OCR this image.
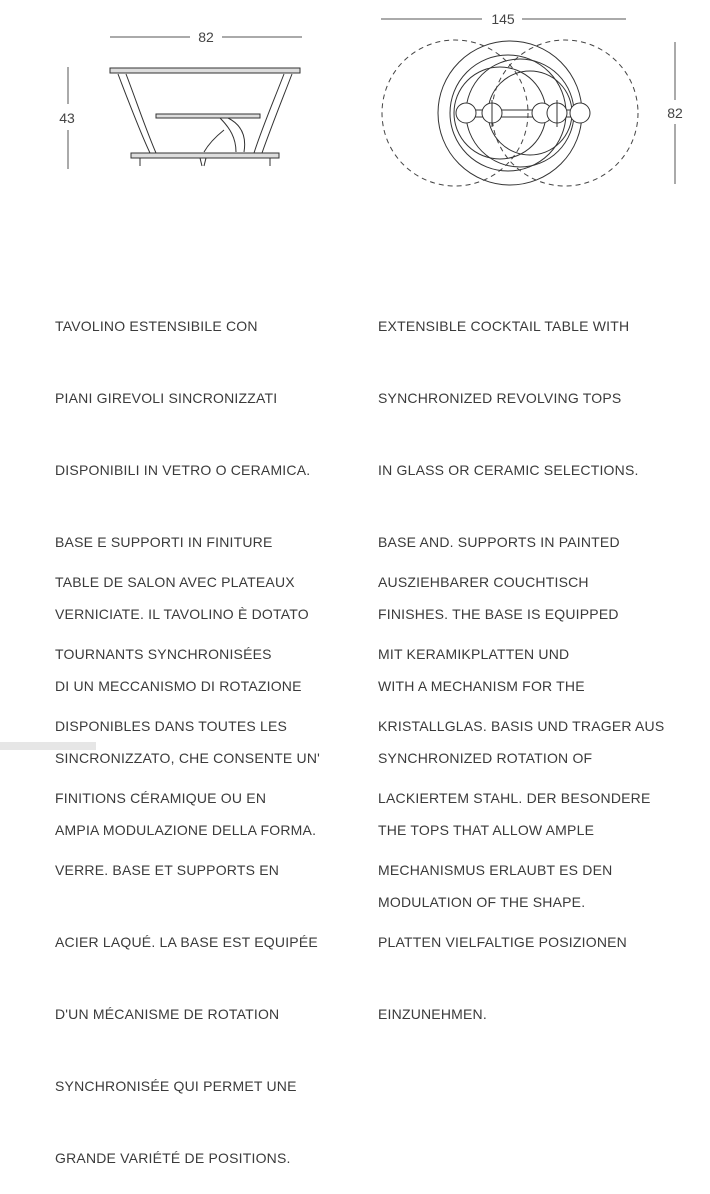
82
43
145
82

TAVOLINO ESTENSIBILE CON

PIANI GIREVOLI SINCRONIZZATI

DISPONIBILI IN VETRO O CERAMICA.

BASE E SUPPORTI IN FINITURE

VERNICIATE. IL TAVOLINO È DOTATO

DI UN MECCANISMO DI ROTAZIONE

SINCRONIZZATO, CHE CONSENTE UN'

AMPIA MODULAZIONE DELLA FORMA.

EXTENSIBLE COCKTAIL TABLE WITH

SYNCHRONIZED REVOLVING TOPS

IN GLASS OR CERAMIC SELECTIONS.

BASE AND. SUPPORTS IN PAINTED

FINISHES. THE BASE IS EQUIPPED

WITH A MECHANISM FOR THE

SYNCHRONIZED ROTATION OF

THE TOPS THAT ALLOW AMPLE

MODULATION OF THE SHAPE.

TABLE DE SALON AVEC PLATEAUX

TOURNANTS SYNCHRONISÉES

DISPONIBLES DANS TOUTES LES

FINITIONS CÉRAMIQUE OU EN

VERRE. BASE ET SUPPORTS EN

ACIER LAQUÉ. LA BASE EST EQUIPÉE

D'UN MÉCANISME DE ROTATION

SYNCHRONISÉE QUI PERMET UNE

GRANDE VARIÉTÉ DE POSITIONS.

AUSZIEHBARER COUCHTISCH

MIT KERAMIKPLATTEN UND

KRISTALLGLAS. BASIS UND TRAGER AUS

LACKIERTEM STAHL. DER BESONDERE

MECHANISMUS ERLAUBT ES DEN

PLATTEN VIELFALTIGE POSIZIONEN

EINZUNEHMEN.
